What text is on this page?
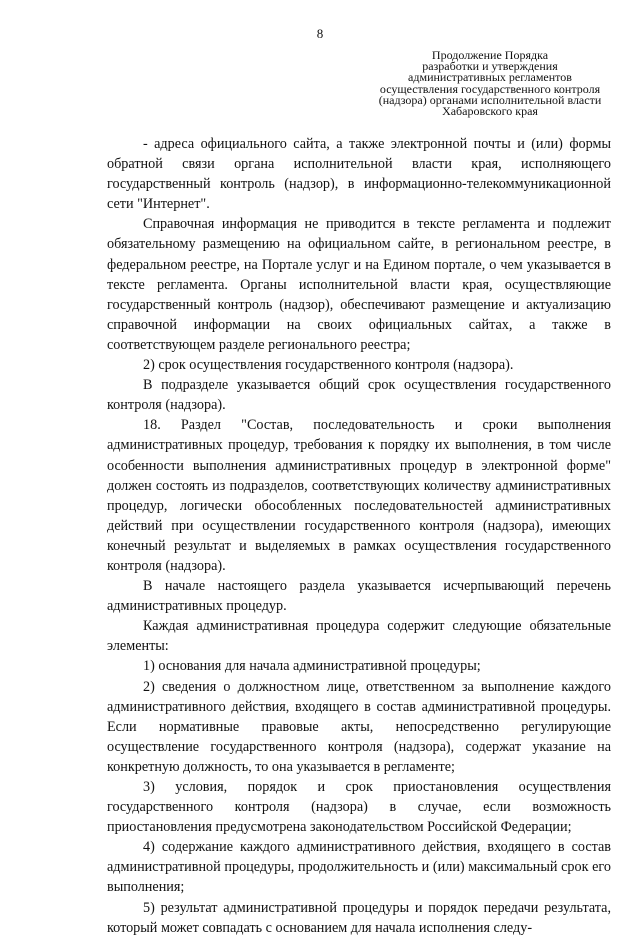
8
Продолжение Порядка
разработки и утверждения
административных регламентов
осуществления государственного контроля
(надзора) органами исполнительной власти
Хабаровского края

- адреса официального сайта, а также электронной почты и (или) формы обратной связи органа исполнительной власти края, исполняющего государственный контроль (надзор), в информационно-телекоммуникационной сети "Интернет".

Справочная информация не приводится в тексте регламента и подлежит обязательному размещению на официальном сайте, в региональном реестре, в федеральном реестре, на Портале услуг и на Едином портале, о чем указывается в тексте регламента. Органы исполнительной власти края, осуществляющие государственный контроль (надзор), обеспечивают размещение и актуализацию справочной информации на своих официальных сайтах, а также в соответствующем разделе регионального реестра;

2) срок осуществления государственного контроля (надзора).

В подразделе указывается общий срок осуществления государственного контроля (надзора).

18. Раздел "Состав, последовательность и сроки выполнения административных процедур, требования к порядку их выполнения, в том числе особенности выполнения административных процедур в электронной форме" должен состоять из подразделов, соответствующих количеству административных процедур, логически обособленных последовательностей административных действий при осуществлении государственного контроля (надзора), имеющих конечный результат и выделяемых в рамках осуществления государственного контроля (надзора).

В начале настоящего раздела указывается исчерпывающий перечень административных процедур.

Каждая административная процедура содержит следующие обязательные элементы:

1) основания для начала административной процедуры;

2) сведения о должностном лице, ответственном за выполнение каждого административного действия, входящего в состав административной процедуры. Если нормативные правовые акты, непосредственно регулирующие осуществление государственного контроля (надзора), содержат указание на конкретную должность, то она указывается в регламенте;

3) условия, порядок и срок приостановления осуществления государственного контроля (надзора) в случае, если возможность приостановления предусмотрена законодательством Российской Федерации;

4) содержание каждого административного действия, входящего в состав административной процедуры, продолжительность и (или) максимальный срок его выполнения;

5) результат административной процедуры и порядок передачи результата, который может совпадать с основанием для начала исполнения следу-
